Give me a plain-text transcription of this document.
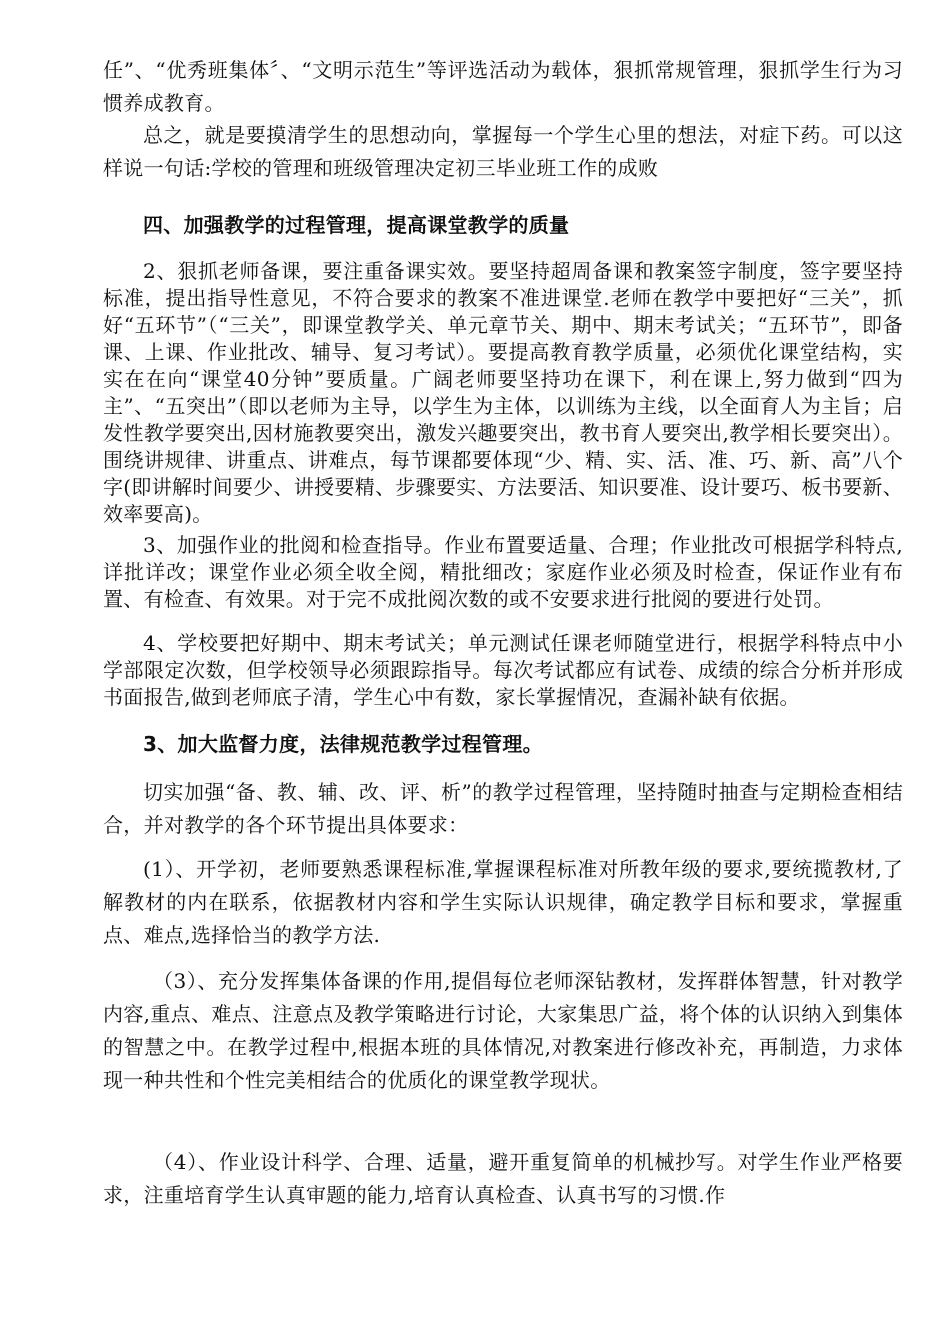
任”、“优秀班集体〞、“文明示范生”等评选活动为载体，狠抓常规管理，狠抓学生行为习惯养成教育。

总之，就是要摸清学生的思想动向，掌握每一个学生心里的想法，对症下药。可以这样说一句话:学校的管理和班级管理决定初三毕业班工作的成败

四、加强教学的过程管理，提高课堂教学的质量

2、狠抓老师备课，要注重备课实效。要坚持超周备课和教案签字制度，签字要坚持标准，提出指导性意见，不符合要求的教案不准进课堂.老师在教学中要把好“三关”，抓好“五环节”（“三关”，即课堂教学关、单元章节关、期中、期末考试关；“五环节”，即备课、上课、作业批改、辅导、复习考试）。要提高教育教学质量，必须优化课堂结构，实实在在向“课堂40分钟”要质量。广阔老师要坚持功在课下，利在课上,努力做到“四为主”、“五突出”（即以老师为主导，以学生为主体，以训练为主线，以全面育人为主旨；启发性教学要突出,因材施教要突出，激发兴趣要突出，教书育人要突出,教学相长要突出）。围绕讲规律、讲重点、讲难点，每节课都要体现“少、精、实、活、准、巧、新、高”八个字(即讲解时间要少、讲授要精、步骤要实、方法要活、知识要准、设计要巧、板书要新、效率要高)。

3、加强作业的批阅和检查指导。作业布置要适量、合理；作业批改可根据学科特点,详批详改；课堂作业必须全收全阅，精批细改；家庭作业必须及时检查，保证作业有布置、有检查、有效果。对于完不成批阅次数的或不安要求进行批阅的要进行处罚。

4、学校要把好期中、期末考试关；单元测试任课老师随堂进行，根据学科特点中小学部限定次数，但学校领导必须跟踪指导。每次考试都应有试卷、成绩的综合分析并形成书面报告,做到老师底子清，学生心中有数，家长掌握情况，查漏补缺有依据。

3、加大监督力度，法律规范教学过程管理。

切实加强“备、教、辅、改、评、析”的教学过程管理，坚持随时抽查与定期检查相结合，并对教学的各个环节提出具体要求：

(1）、开学初，老师要熟悉课程标准,掌握课程标准对所教年级的要求,要统揽教材,了解教材的内在联系，依据教材内容和学生实际认识规律，确定教学目标和要求，掌握重点、难点,选择恰当的教学方法.

（3）、充分发挥集体备课的作用,提倡每位老师深钻教材，发挥群体智慧，针对教学内容,重点、难点、注意点及教学策略进行讨论，大家集思广益，将个体的认识纳入到集体的智慧之中。在教学过程中,根据本班的具体情况,对教案进行修改补充，再制造，力求体现一种共性和个性完美相结合的优质化的课堂教学现状。

（4）、作业设计科学、合理、适量，避开重复简单的机械抄写。对学生作业严格要求，注重培育学生认真审题的能力,培育认真检查、认真书写的习惯.作
